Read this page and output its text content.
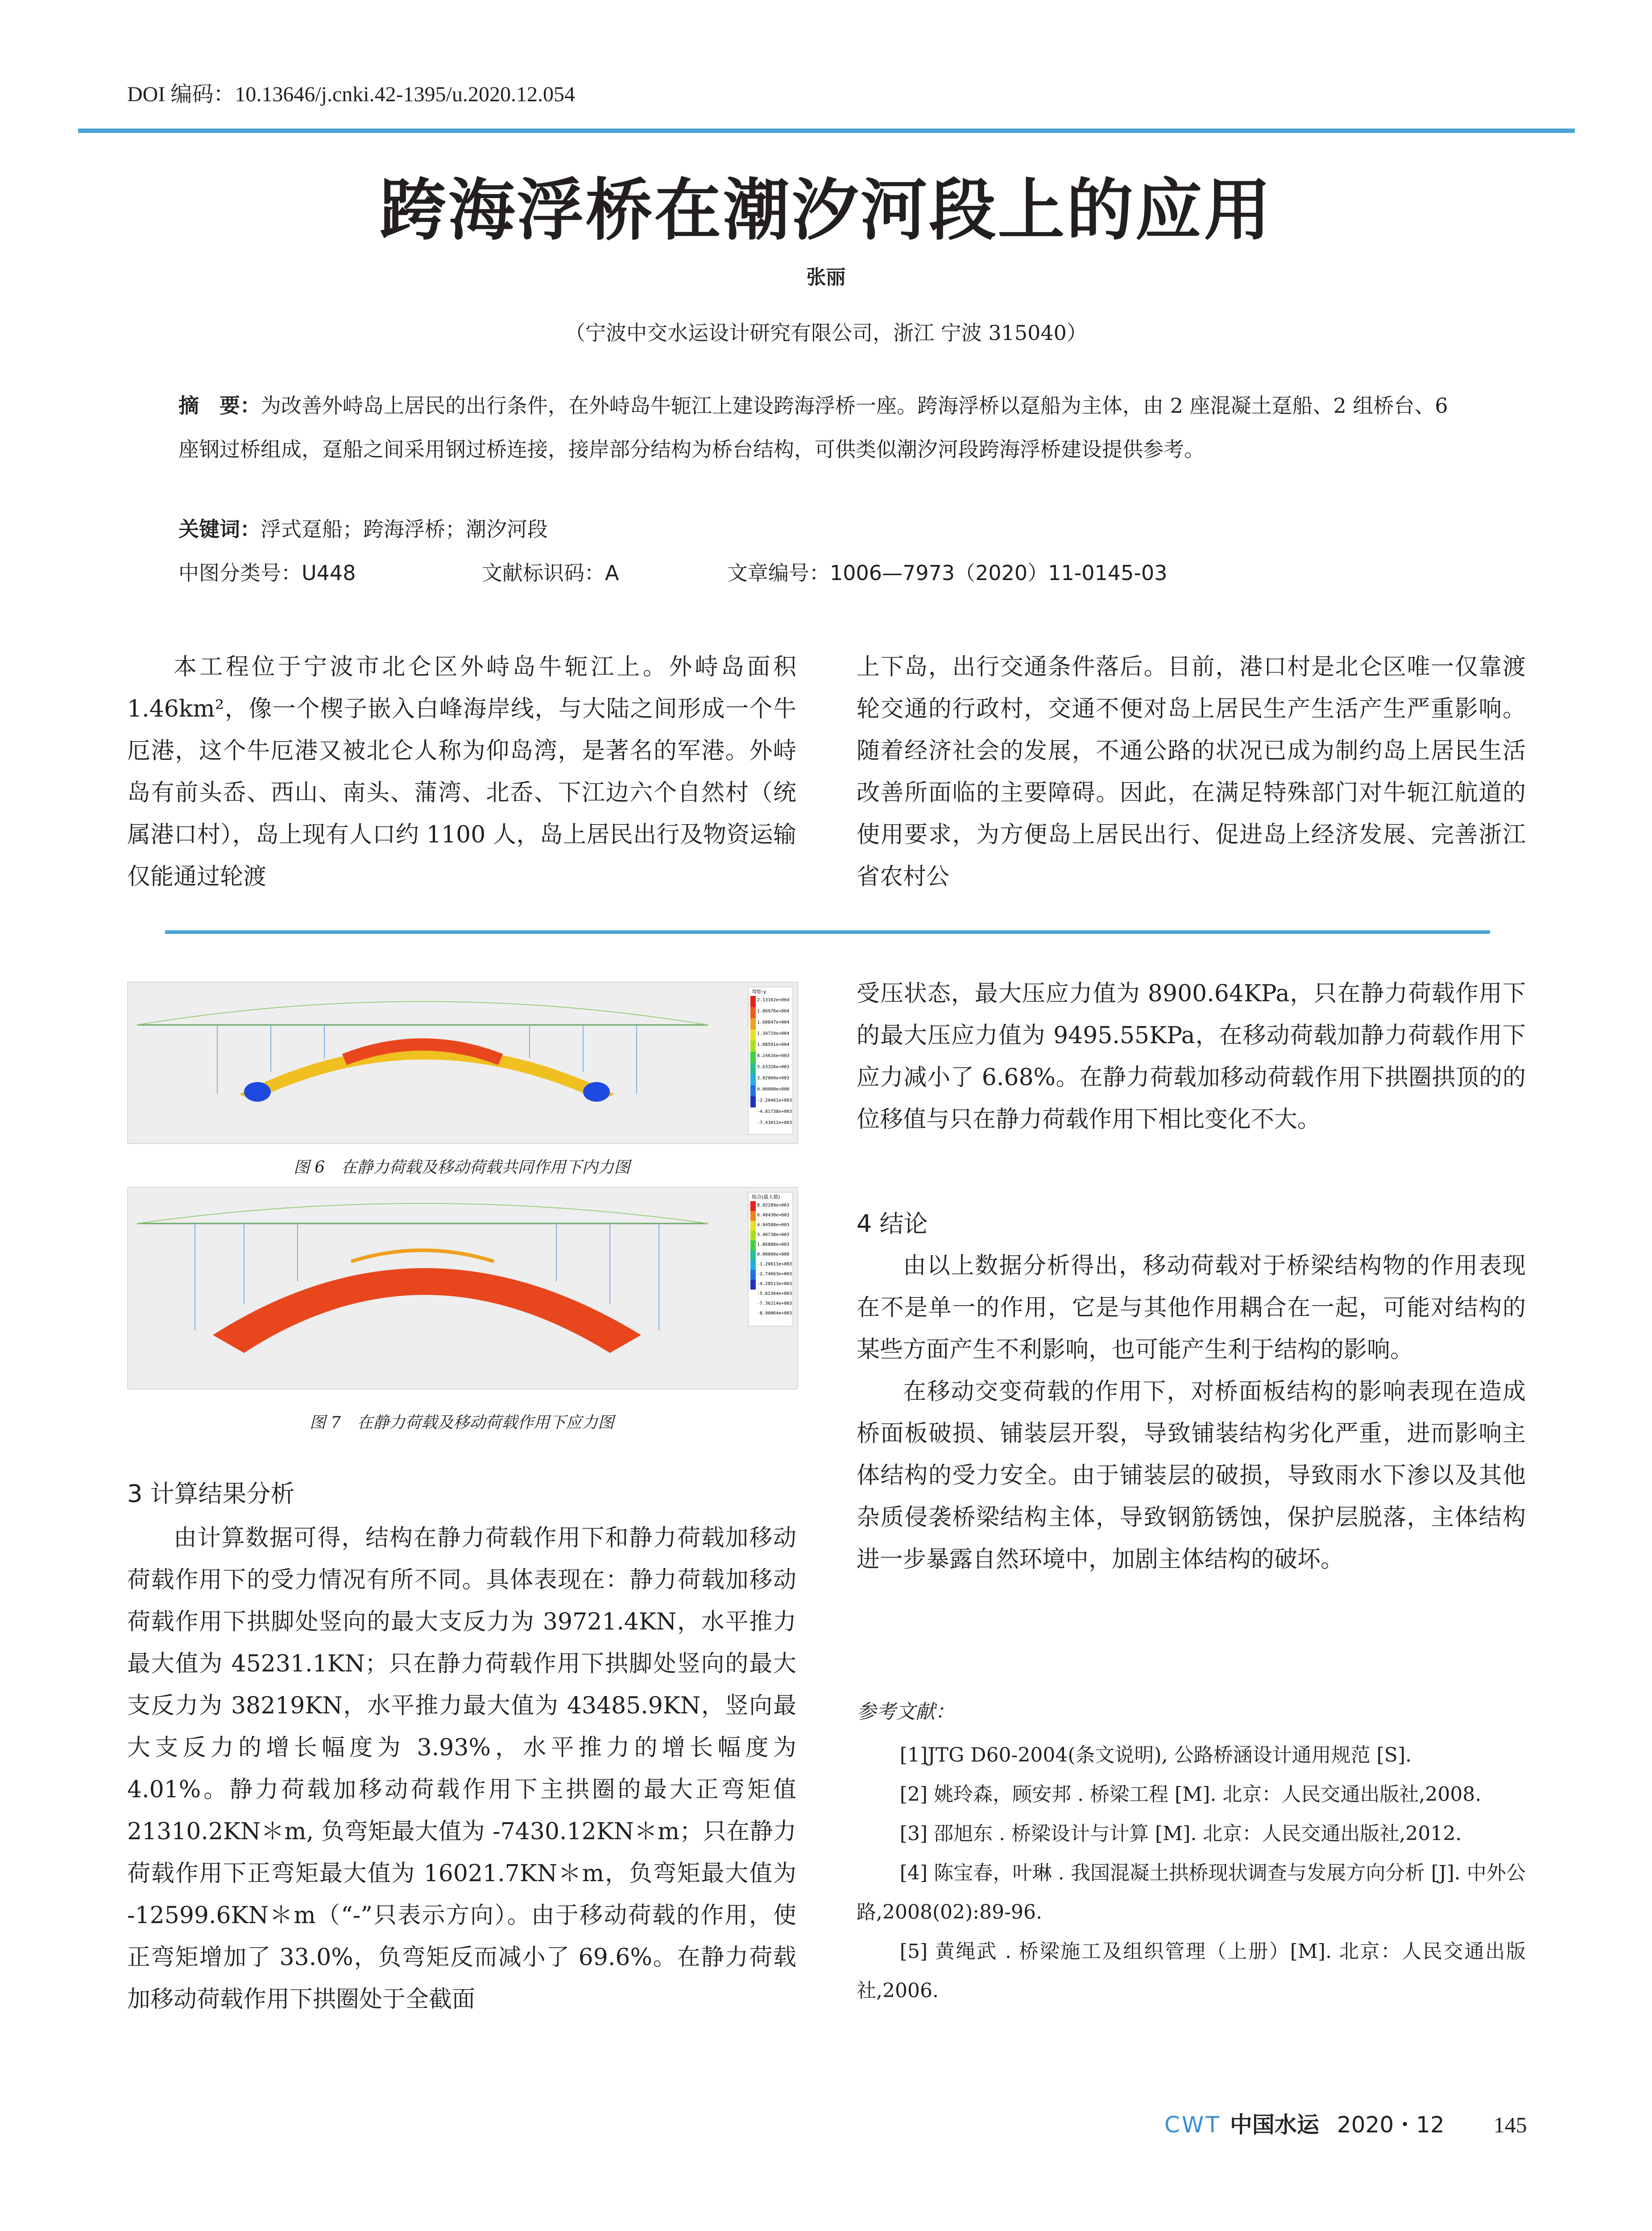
DOI 编码：10.13646/j.cnki.42-1395/u.2020.12.054
跨海浮桥在潮汐河段上的应用
张丽
（宁波中交水运设计研究有限公司，浙江 宁波 315040）
摘　要：为改善外峙岛上居民的出行条件，在外峙岛牛轭江上建设跨海浮桥一座。跨海浮桥以趸船为主体，由 2 座混凝土趸船、2 组桥台、6 座钢过桥组成，趸船之间采用钢过桥连接，接岸部分结构为桥台结构，可供类似潮汐河段跨海浮桥建设提供参考。
关键词：浮式趸船；跨海浮桥；潮汐河段
中图分类号：U448	文献标识码：A	文章编号：1006—7973（2020）11-0145-03

本工程位于宁波市北仑区外峙岛牛轭江上。外峙岛面积 1.46km²，像一个楔子嵌入白峰海岸线，与大陆之间形成一个牛厄港，这个牛厄港又被北仑人称为仰岛湾，是著名的军港。外峙岛有前头岙、西山、南头、蒲湾、北岙、下江边六个自然村（统属港口村），岛上现有人口约 1100 人，岛上居民出行及物资运输仅能通过轮渡

上下岛，出行交通条件落后。目前，港口村是北仑区唯一仅靠渡轮交通的行政村，交通不便对岛上居民生产生活产生严重影响。随着经济社会的发展，不通公路的状况已成为制约岛上居民生活改善所面临的主要障碍。因此，在满足特殊部门对牛轭江航道的使用要求，为方便岛上居民出行、促进岛上经济发展、完善浙江省农村公

弯矩-y
2.13102e+004
1.86976e+004
1.60847e+004
1.34719e+004
1.08591e+004
8.24616e+003
5.63326e+003
3.02060e+003
0.00000e+000
-2.20461e+003
-4.81738e+003
-7.43012e+003
图 6　在静力荷载及移动荷载共同作用下内力图
组合(最大值)
8.02289e+003
6.48438e+003
4.94588e+003
3.40738e+003
1.86888e+003
0.00000e+000
-1.20813e+003
-2.74663e+003
-4.28513e+003
-5.82364e+003
-7.36214e+003
-8.90064e+003
图 7　在静力荷载及移动荷载作用下应力图
3 计算结果分析

由计算数据可得，结构在静力荷载作用下和静力荷载加移动荷载作用下的受力情况有所不同。具体表现在：静力荷载加移动荷载作用下拱脚处竖向的最大支反力为 39721.4KN，水平推力最大值为 45231.1KN；只在静力荷载作用下拱脚处竖向的最大支反力为 38219KN，水平推力最大值为 43485.9KN，竖向最大支反力的增长幅度为 3.93%，水平推力的增长幅度为 4.01%。静力荷载加移动荷载作用下主拱圈的最大正弯矩值 21310.2KN＊m, 负弯矩最大值为 -7430.12KN＊m；只在静力荷载作用下正弯矩最大值为 16021.7KN＊m，负弯矩最大值为 -12599.6KN＊m（“-”只表示方向）。由于移动荷载的作用，使正弯矩增加了 33.0%，负弯矩反而减小了 69.6%。在静力荷载加移动荷载作用下拱圈处于全截面

受压状态，最大压应力值为 8900.64KPa，只在静力荷载作用下的最大压应力值为 9495.55KPa，在移动荷载加静力荷载作用下应力减小了 6.68%。在静力荷载加移动荷载作用下拱圈拱顶的的位移值与只在静力荷载作用下相比变化不大。

4 结论

由以上数据分析得出，移动荷载对于桥梁结构物的作用表现在不是单一的作用，它是与其他作用耦合在一起，可能对结构的某些方面产生不利影响，也可能产生利于结构的影响。

在移动交变荷载的作用下，对桥面板结构的影响表现在造成桥面板破损、铺装层开裂，导致铺装结构劣化严重，进而影响主体结构的受力安全。由于铺装层的破损，导致雨水下渗以及其他杂质侵袭桥梁结构主体，导致钢筋锈蚀，保护层脱落，主体结构进一步暴露自然环境中，加剧主体结构的破坏。

参考文献：

[1]JTG D60-2004(条文说明), 公路桥涵设计通用规范 [S].

[2] 姚玲森，顾安邦 . 桥梁工程 [M]. 北京：人民交通出版社,2008.

[3] 邵旭东 . 桥梁设计与计算 [M]. 北京：人民交通出版社,2012.

[4] 陈宝春，叶琳 . 我国混凝土拱桥现状调查与发展方向分析 [J]. 中外公路,2008(02):89-96.

[5] 黄绳武 . 桥梁施工及组织管理（上册）[M]. 北京：人民交通出版社,2006.

CWT 中国水运 2020・12 145
